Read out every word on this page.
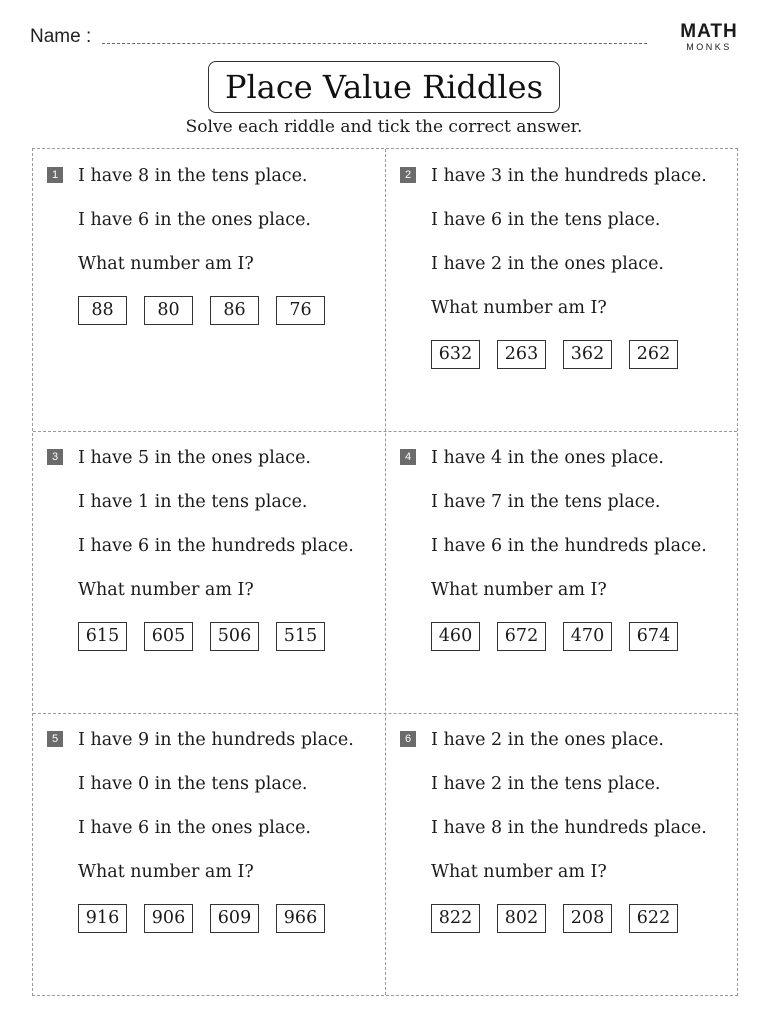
Name :	MATH
MONKS
Place Value Riddles
Solve each riddle and tick the correct answer.
1 I have 8 in the tens place.
I have 6 in the ones place.
What number am I?
88	80	86	76
2 I have 3 in the hundreds place.
I have 6 in the tens place.
I have 2 in the ones place.
What number am I?
632	263	362	262
3 I have 5 in the ones place.
I have 1 in the tens place.
I have 6 in the hundreds place.
What number am I?
615	605	506	515
4 I have 4 in the ones place.
I have 7 in the tens place.
I have 6 in the hundreds place.
What number am I?
460	672	470	674
5 I have 9 in the hundreds place.
I have 0 in the tens place.
I have 6 in the ones place.
What number am I?
916	906	609	966
6 I have 2 in the ones place.
I have 2 in the tens place.
I have 8 in the hundreds place.
What number am I?
822	802	208	622
